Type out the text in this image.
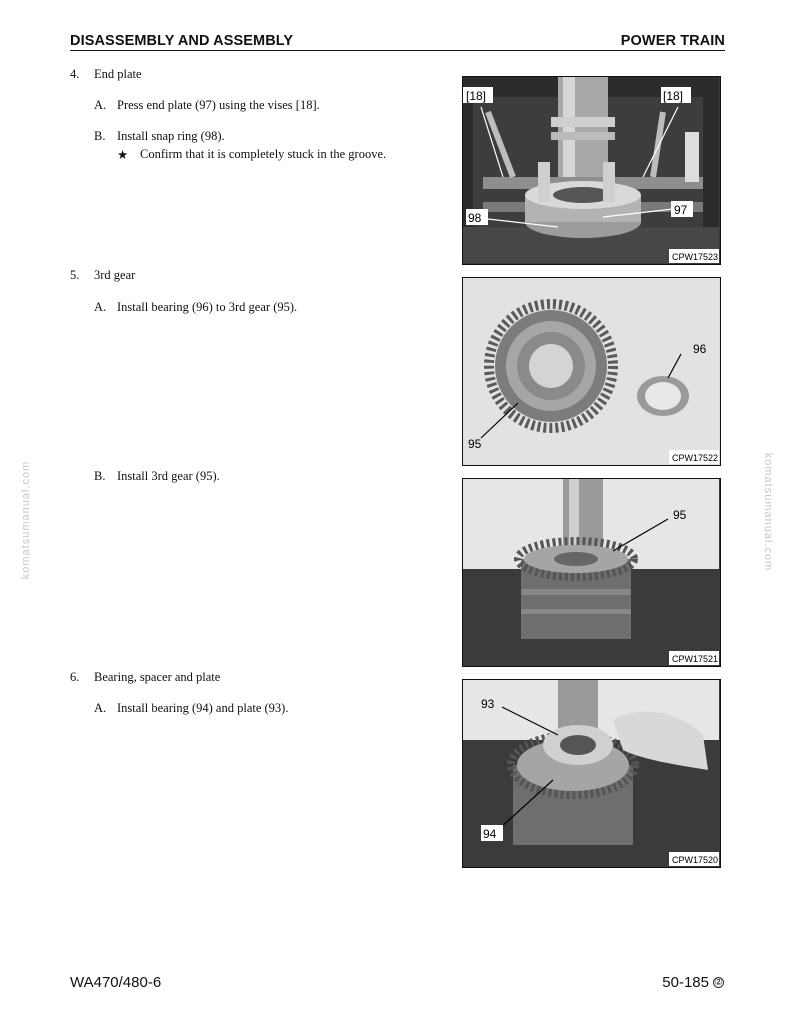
DISASSEMBLY AND ASSEMBLY	POWER TRAIN
4. End plate
A. Press end plate (97) using the vises [18].
B. Install snap ring (98).
★ Confirm that it is completely stuck in the groove.
5. 3rd gear
A. Install bearing (96) to 3rd gear (95).
B. Install 3rd gear (95).
6. Bearing, spacer and plate
A. Install bearing (94) and plate (93).
[18]	[18]
98
97
CPW17523
96
95
CPW17522
95
CPW17521
93
94
CPW17520
komatsumanual.com	komatsumanual.com
WA470/480-6	50-185 ②
